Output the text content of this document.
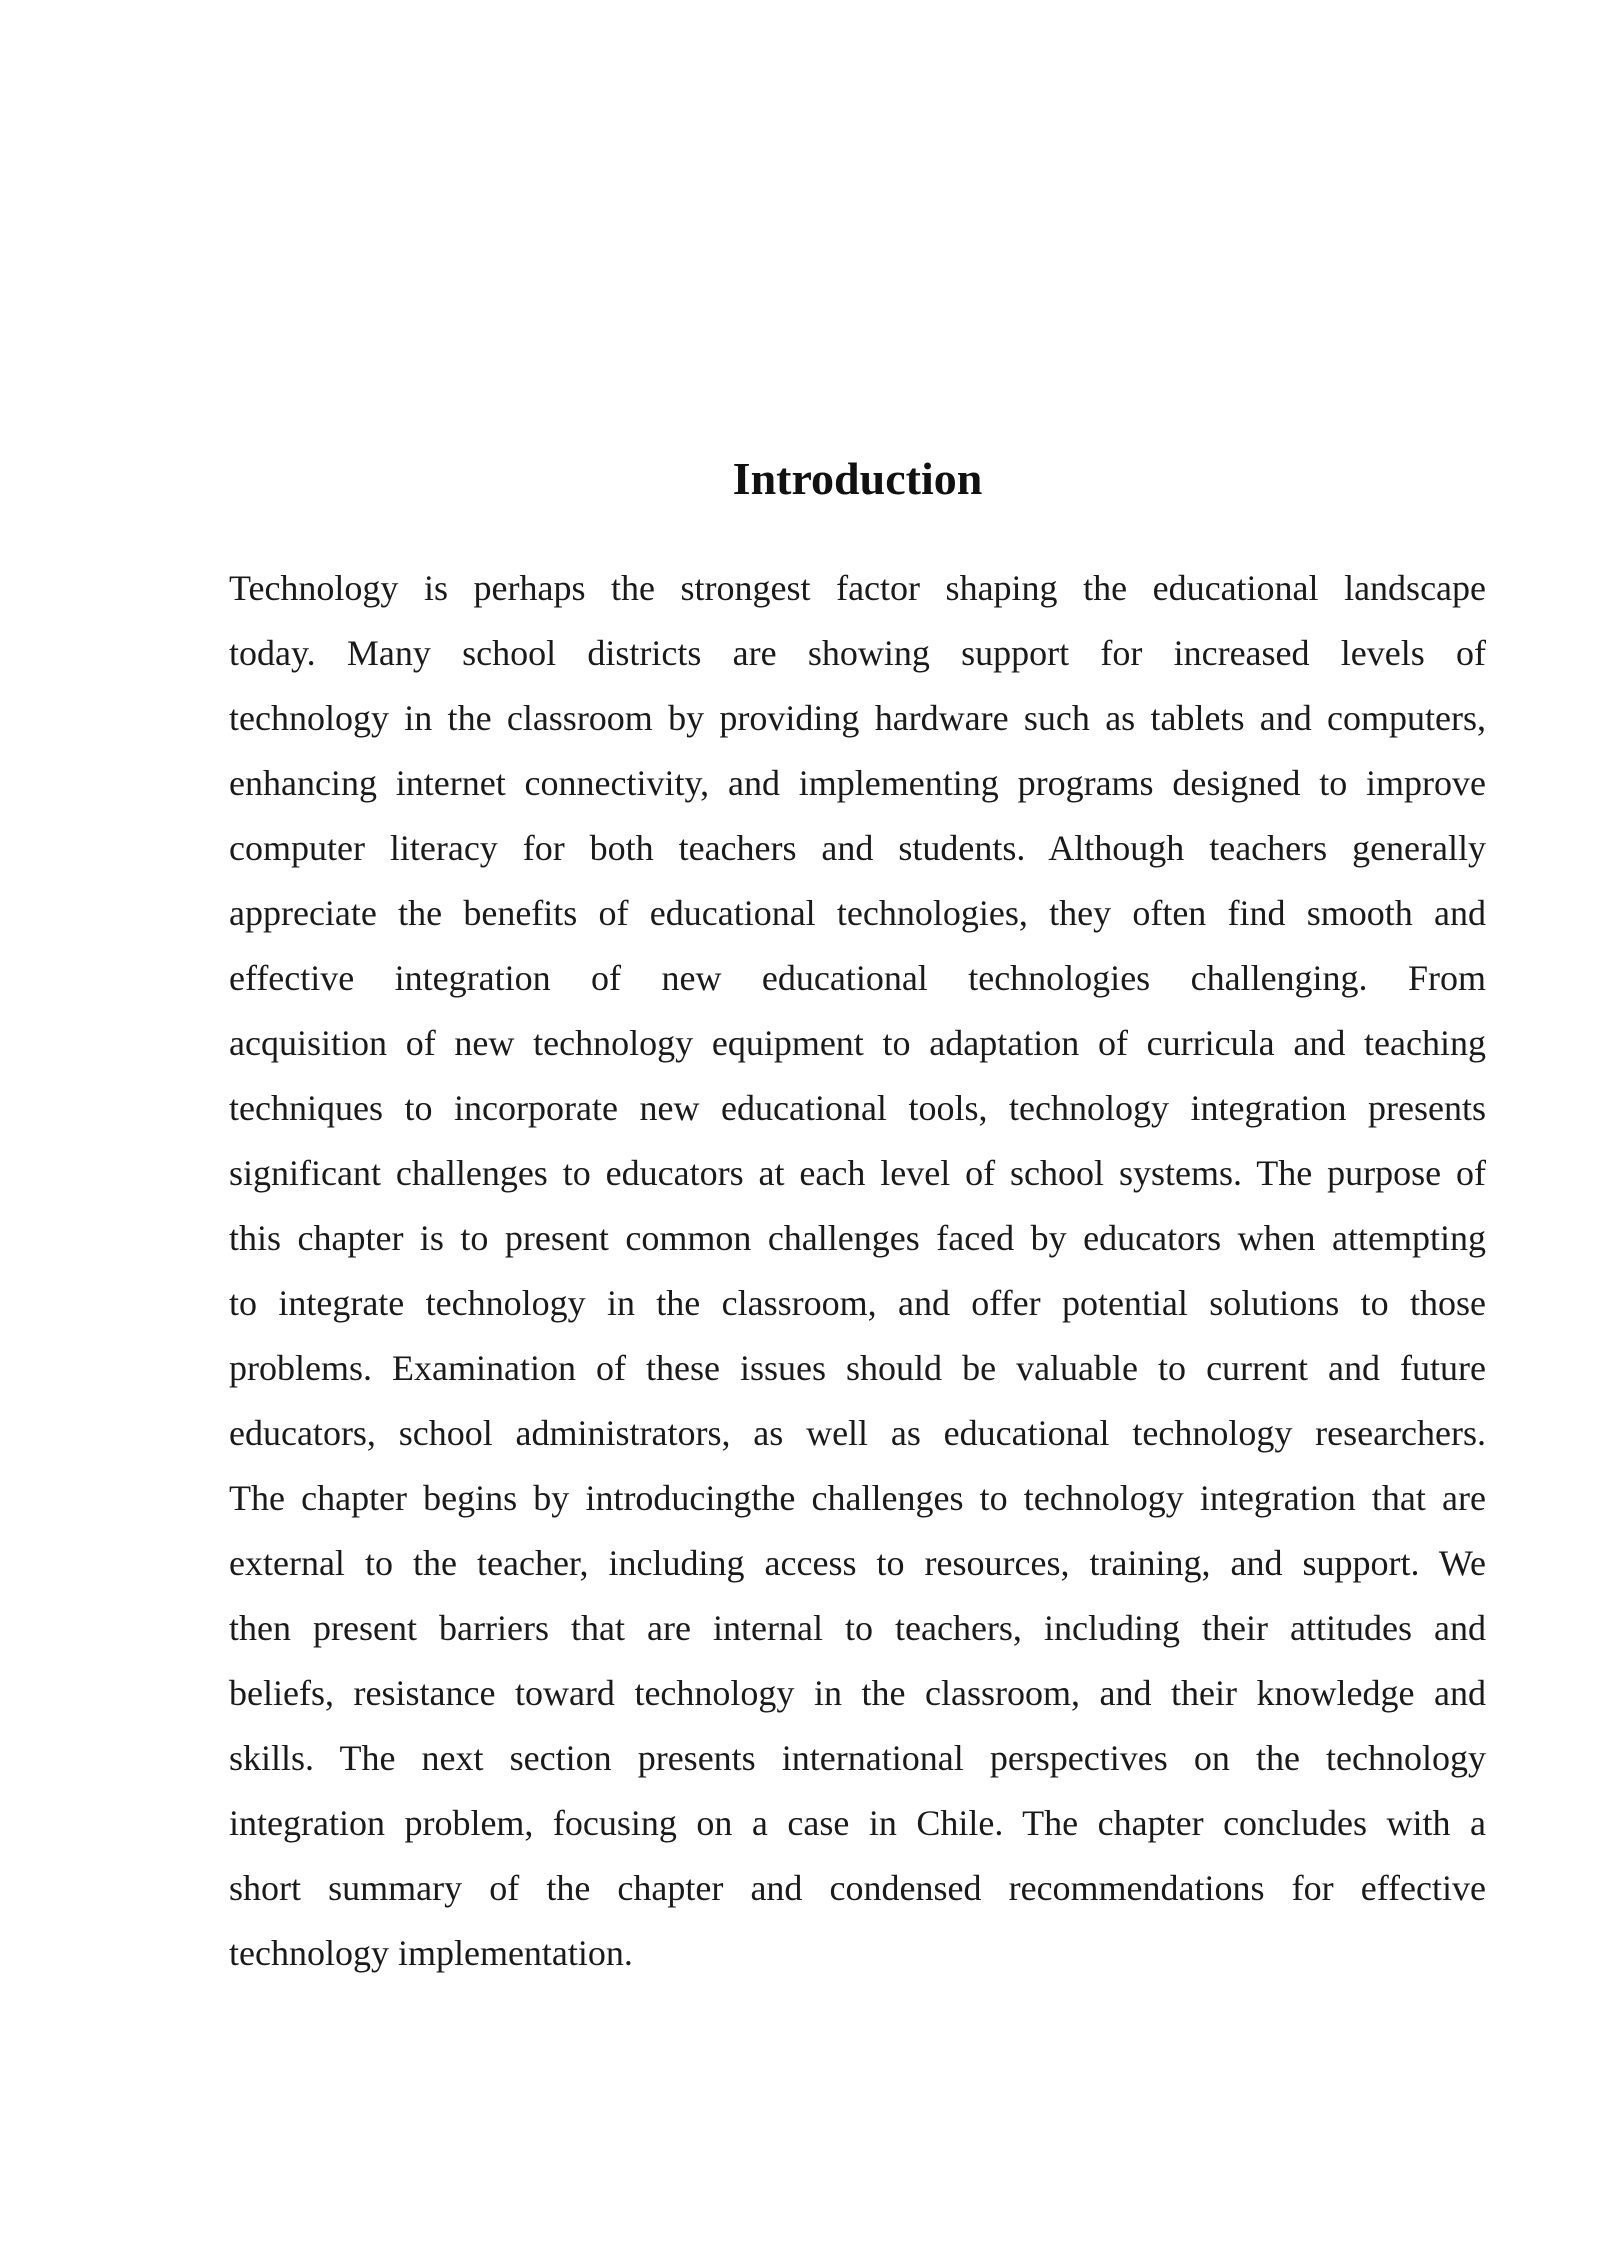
Introduction
Technology is perhaps the strongest factor shaping the educational landscape
today. Many school districts are showing support for increased levels of
technology in the classroom by providing hardware such as tablets and computers,
enhancing internet connectivity, and implementing programs designed to improve
computer literacy for both teachers and students. Although teachers generally
appreciate the benefits of educational technologies, they often find smooth and
effective integration of new educational technologies challenging. From
acquisition of new technology equipment to adaptation of curricula and teaching
techniques to incorporate new educational tools, technology integration presents
significant challenges to educators at each level of school systems. The purpose of
this chapter is to present common challenges faced by educators when attempting
to integrate technology in the classroom, and offer potential solutions to those
problems. Examination of these issues should be valuable to current and future
educators, school administrators, as well as educational technology researchers.
The chapter begins by introducingthe challenges to technology integration that are
external to the teacher, including access to resources, training, and support. We
then present barriers that are internal to teachers, including their attitudes and
beliefs, resistance toward technology in the classroom, and their knowledge and
skills. The next section presents international perspectives on the technology
integration problem, focusing on a case in Chile. The chapter concludes with a
short summary of the chapter and condensed recommendations for effective
technology implementation.
